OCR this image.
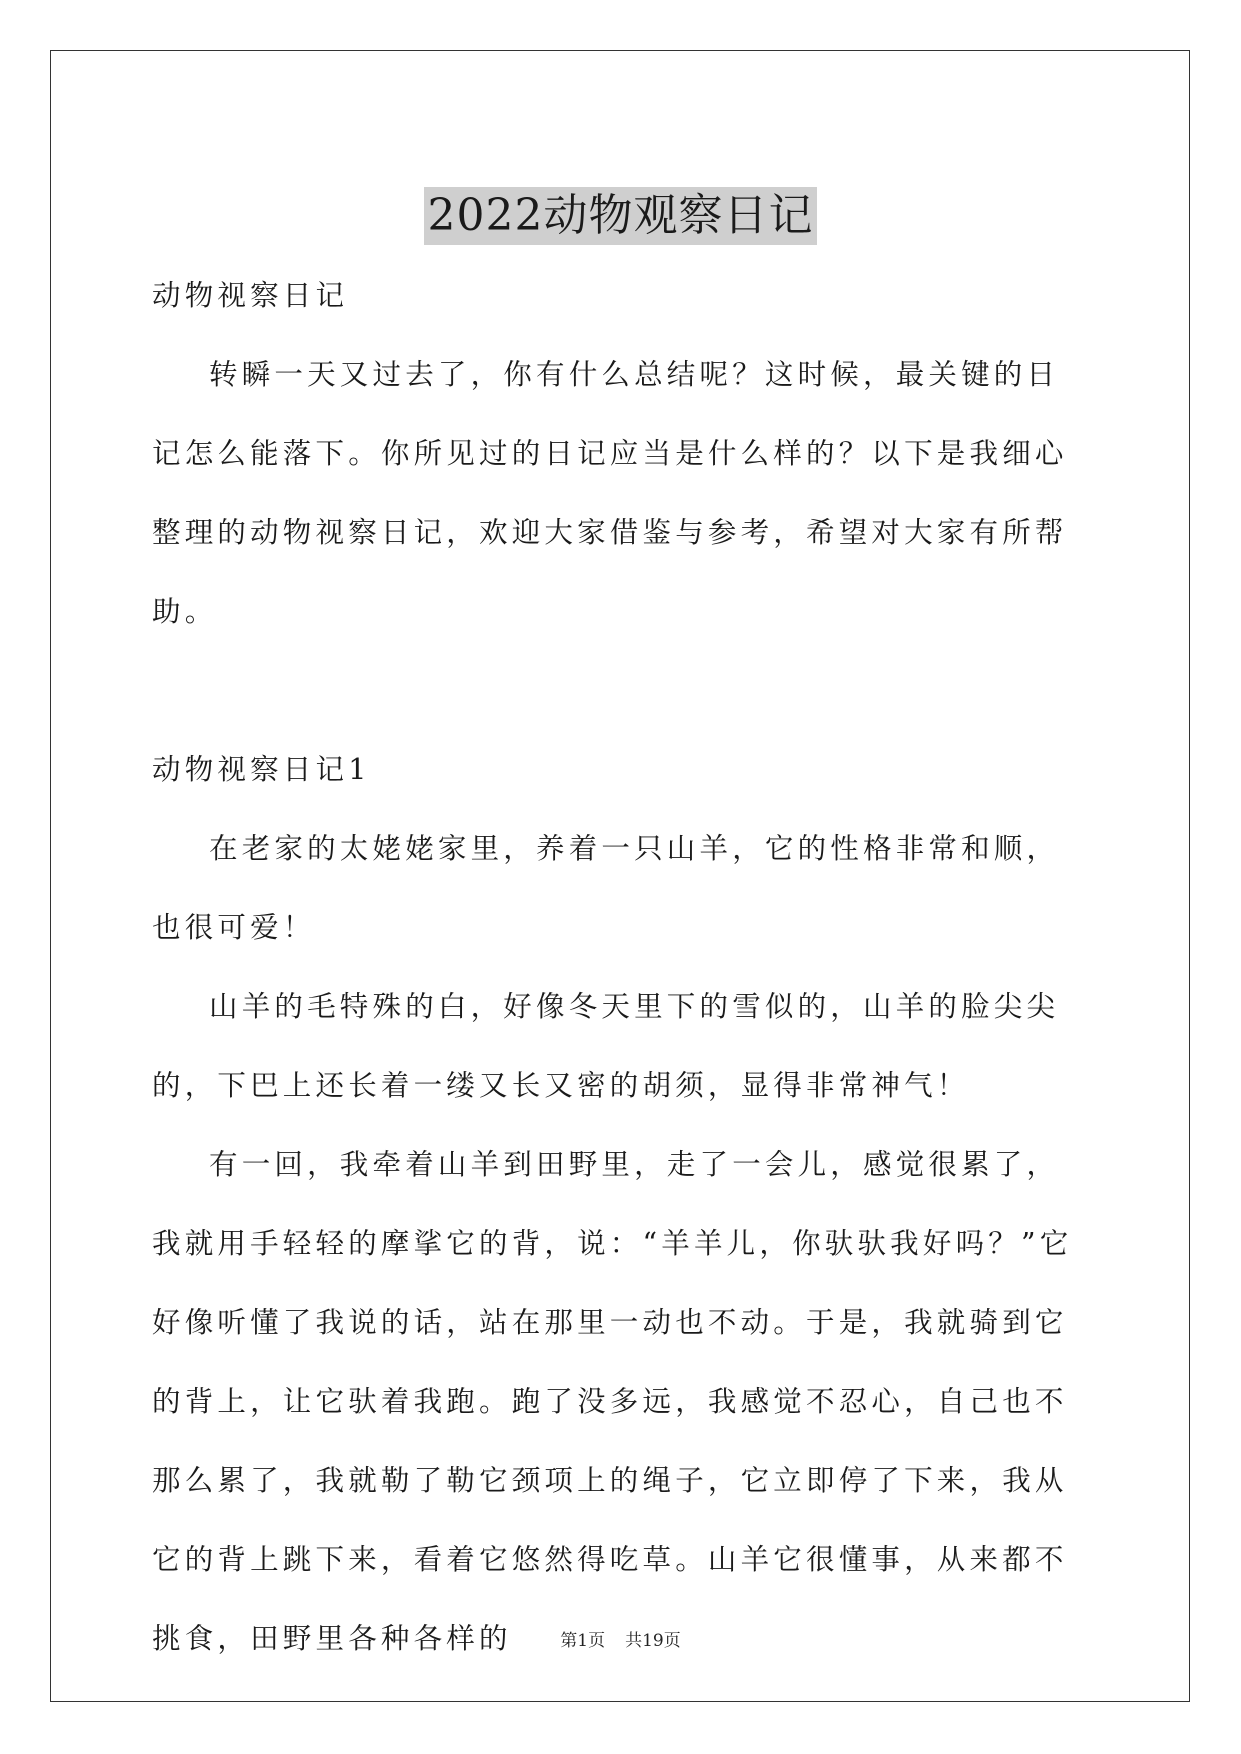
2022动物观察日记

动物视察日记

转瞬一天又过去了，你有什么总结呢？这时候，最关键的日记怎么能落下。你所见过的日记应当是什么样的？以下是我细心整理的动物视察日记，欢迎大家借鉴与参考，希望对大家有所帮助。

动物视察日记1

在老家的太姥姥家里，养着一只山羊，它的性格非常和顺，也很可爱！

山羊的毛特殊的白，好像冬天里下的雪似的，山羊的脸尖尖的，下巴上还长着一缕又长又密的胡须，显得非常神气！

有一回，我牵着山羊到田野里，走了一会儿，感觉很累了，我就用手轻轻的摩挲它的背，说：“羊羊儿，你驮驮我好吗？”它好像听懂了我说的话，站在那里一动也不动。于是，我就骑到它的背上，让它驮着我跑。跑了没多远，我感觉不忍心，自己也不那么累了，我就勒了勒它颈项上的绳子，它立即停了下来，我从它的背上跳下来，看着它悠然得吃草。山羊它很懂事，从来都不挑食，田野里各种各样的	第1页 共19页
